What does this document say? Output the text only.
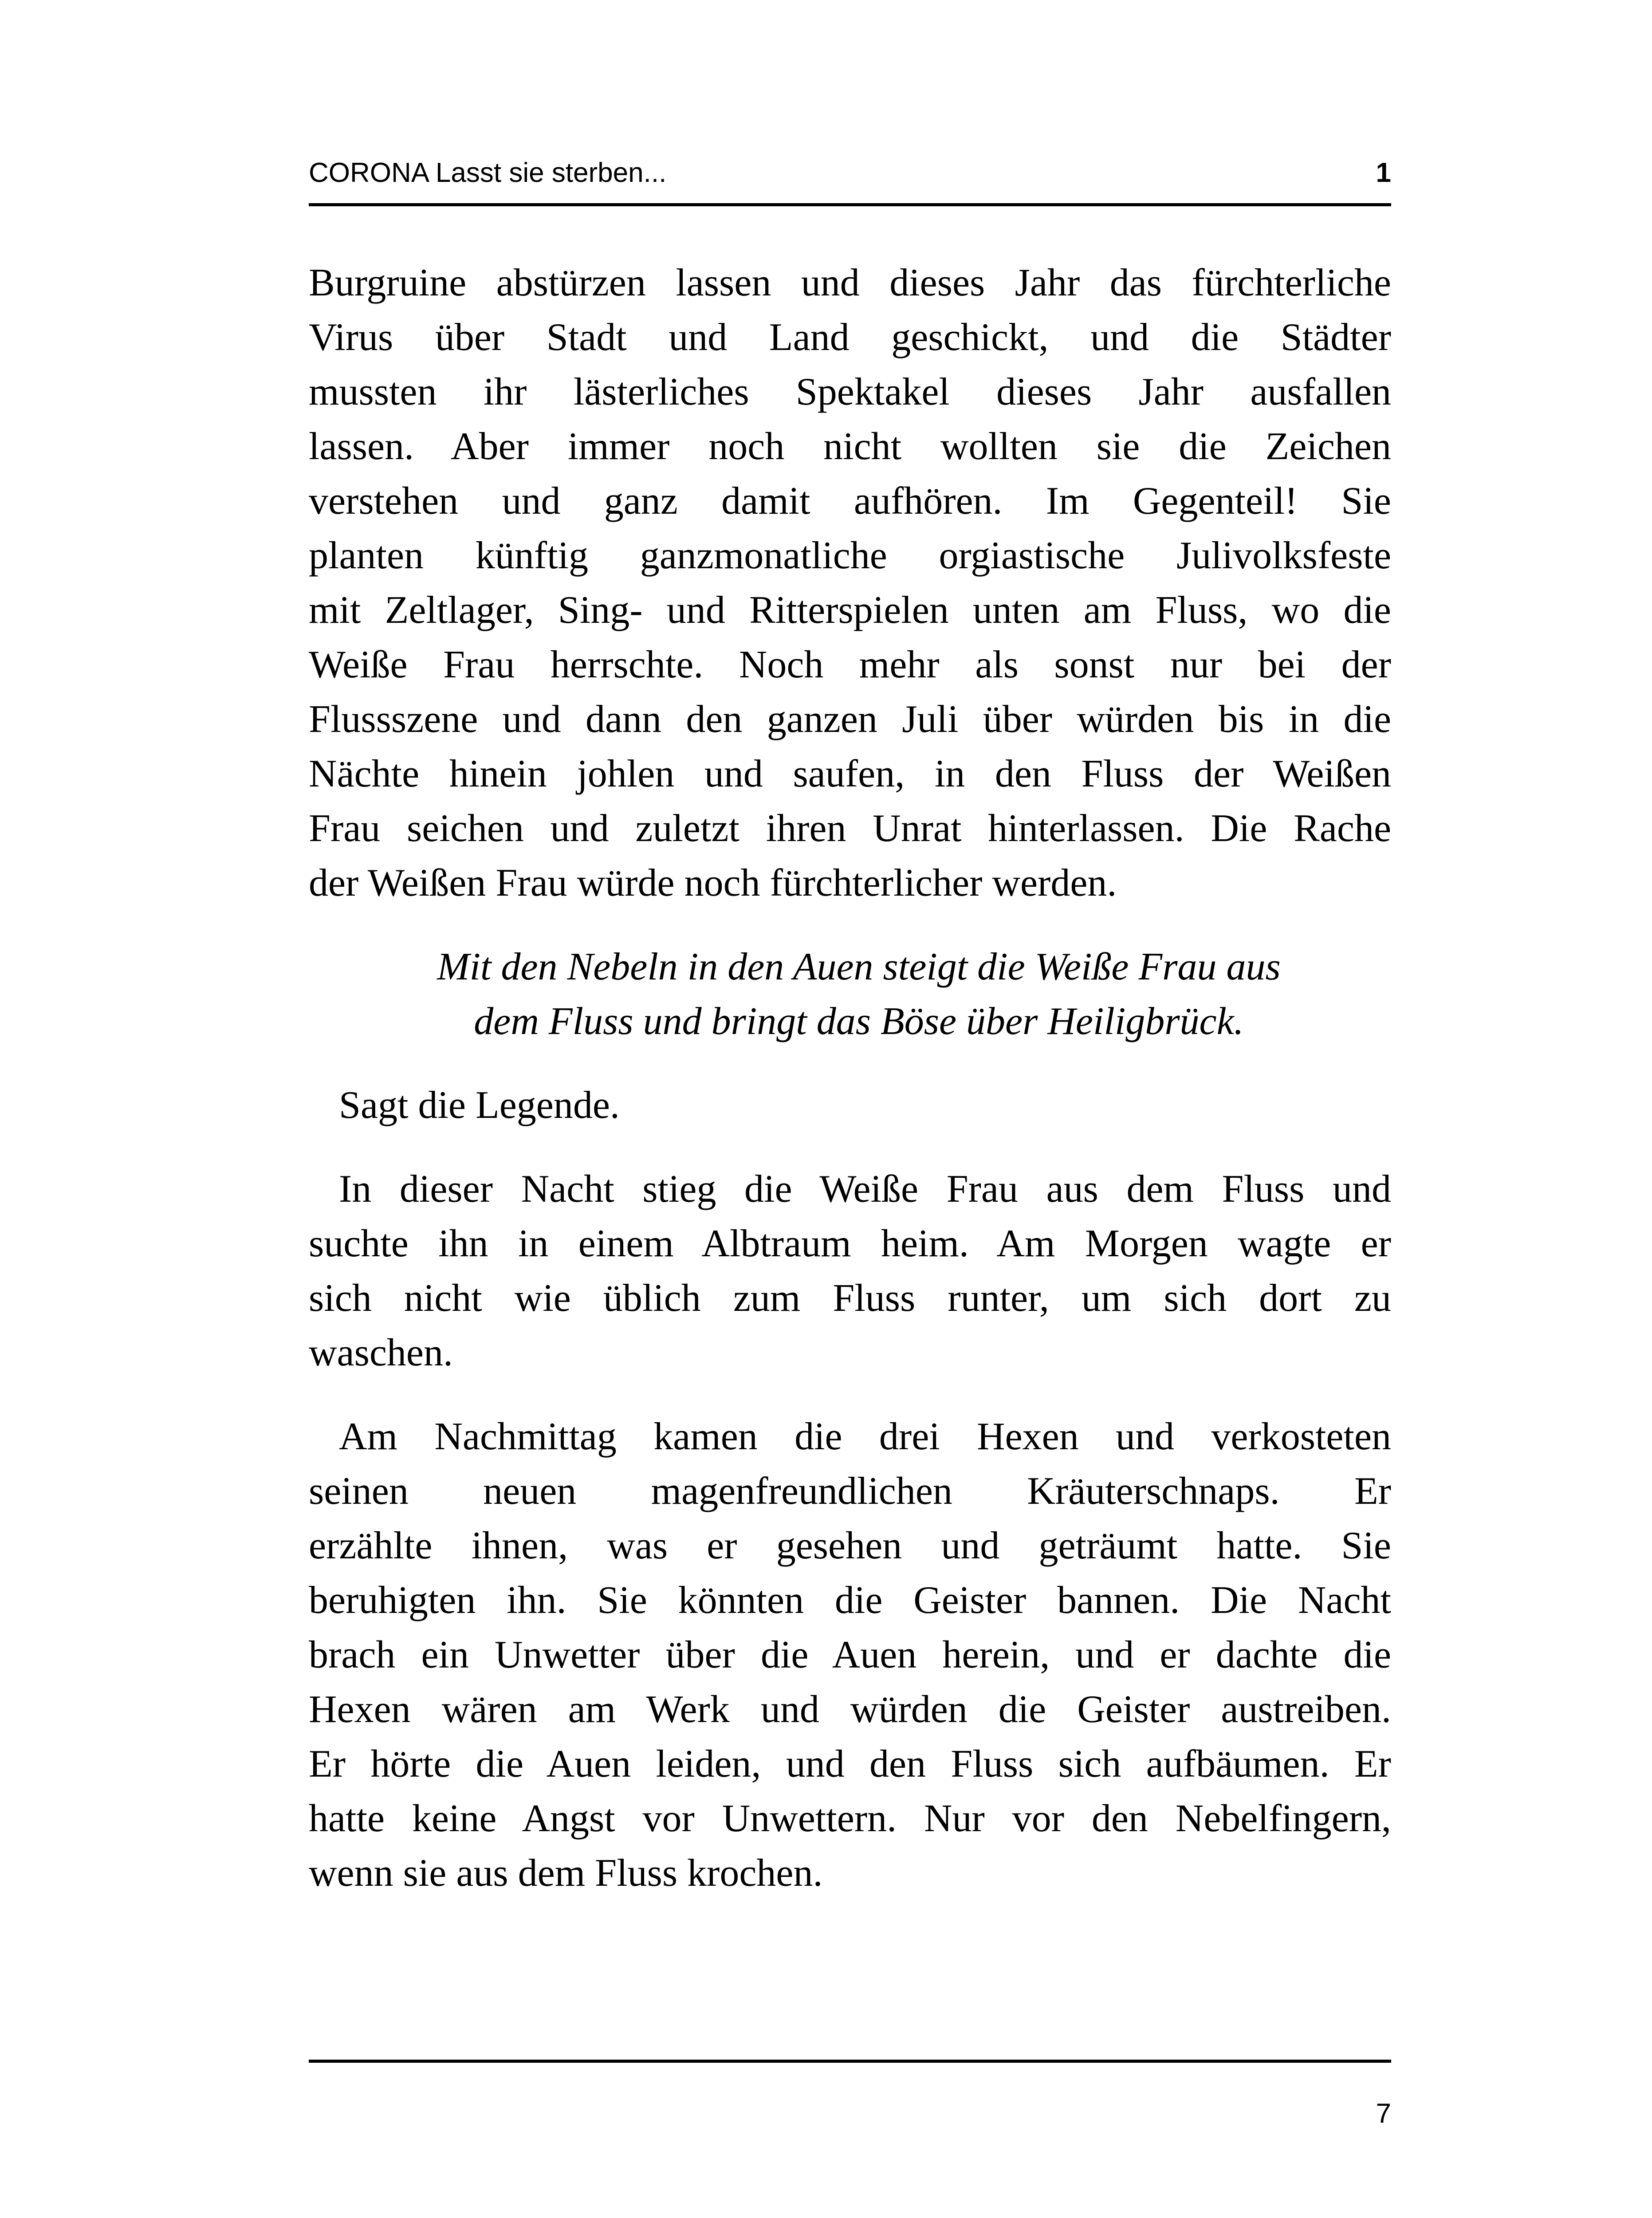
CORONA Lasst sie sterben...	1
Burgruine abstürzen lassen und dieses Jahr das fürchterliche
Virus über Stadt und Land geschickt, und die Städter
mussten ihr lästerliches Spektakel dieses Jahr ausfallen
lassen. Aber immer noch nicht wollten sie die Zeichen
verstehen und ganz damit aufhören. Im Gegenteil! Sie
planten künftig ganzmonatliche orgiastische Julivolksfeste
mit Zeltlager, Sing- und Ritterspielen unten am Fluss, wo die
Weiße Frau herrschte. Noch mehr als sonst nur bei der
Flussszene und dann den ganzen Juli über würden bis in die
Nächte hinein johlen und saufen, in den Fluss der Weißen
Frau seichen und zuletzt ihren Unrat hinterlassen. Die Rache
der Weißen Frau würde noch fürchterlicher werden.
Mit den Nebeln in den Auen steigt die Weiße Frau aus
dem Fluss und bringt das Böse über Heiligbrück.
Sagt die Legende.
In dieser Nacht stieg die Weiße Frau aus dem Fluss und
suchte ihn in einem Albtraum heim. Am Morgen wagte er
sich nicht wie üblich zum Fluss runter, um sich dort zu
waschen.
Am Nachmittag kamen die drei Hexen und verkosteten
seinen neuen magenfreundlichen Kräuterschnaps. Er
erzählte ihnen, was er gesehen und geträumt hatte. Sie
beruhigten ihn. Sie könnten die Geister bannen. Die Nacht
brach ein Unwetter über die Auen herein, und er dachte die
Hexen wären am Werk und würden die Geister austreiben.
Er hörte die Auen leiden, und den Fluss sich aufbäumen. Er
hatte keine Angst vor Unwettern. Nur vor den Nebelfingern,
wenn sie aus dem Fluss krochen.
7
